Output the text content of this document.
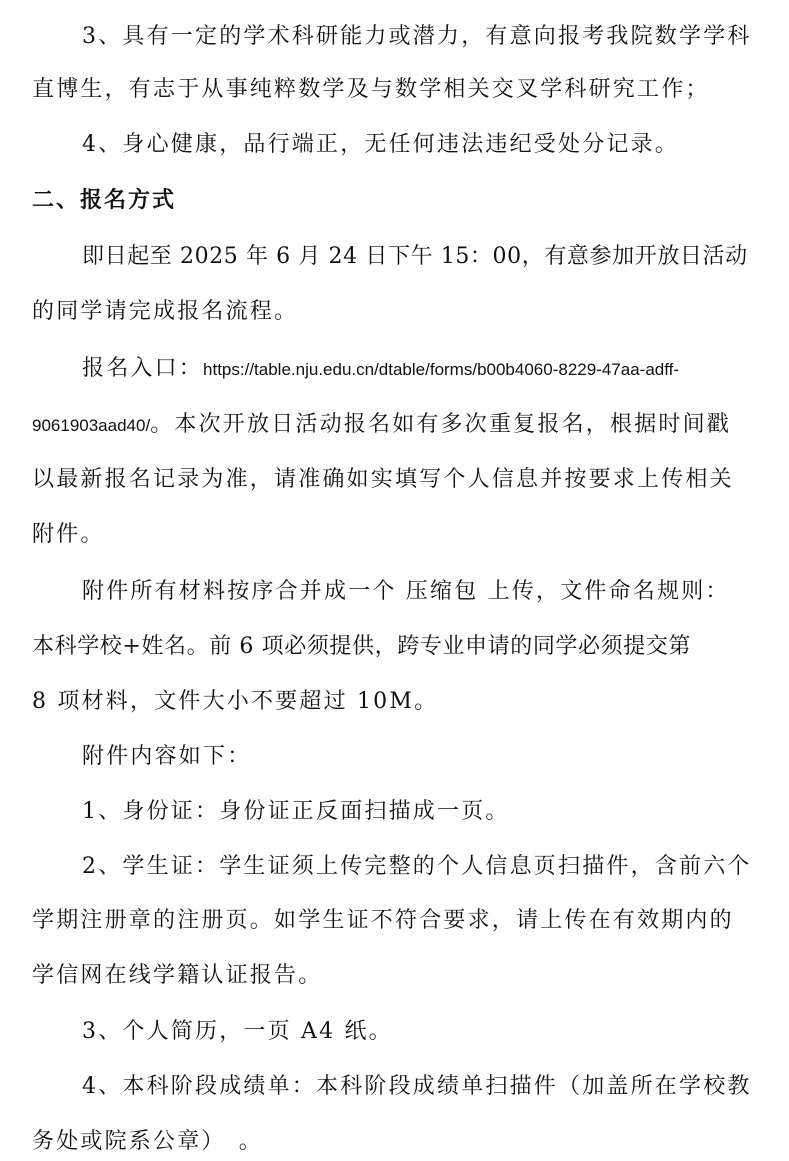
3、具有一定的学术科研能力或潜力，有意向报考我院数学学科
直博生，有志于从事纯粹数学及与数学相关交叉学科研究工作；
4、身心健康，品行端正，无任何违法违纪受处分记录。
二、报名方式
即日起至 2025 年 6 月 24 日下午 15：00，有意参加开放日活动
的同学请完成报名流程。
报名入口：https://table.nju.edu.cn/dtable/forms/b00b4060-8229-47aa-adff-
9061903aad40/。本次开放日活动报名如有多次重复报名，根据时间戳
以最新报名记录为准，请准确如实填写个人信息并按要求上传相关
附件。
附件所有材料按序合并成一个 压缩包 上传，文件命名规则：
本科学校+姓名。前 6 项必须提供，跨专业申请的同学必须提交第
8 项材料，文件大小不要超过 10M。
附件内容如下：
1、身份证：身份证正反面扫描成一页。
2、学生证：学生证须上传完整的个人信息页扫描件，含前六个
学期注册章的注册页。如学生证不符合要求，请上传在有效期内的
学信网在线学籍认证报告。
3、个人简历，一页 A4 纸。
4、本科阶段成绩单：本科阶段成绩单扫描件（加盖所在学校教
务处或院系公章）　。
